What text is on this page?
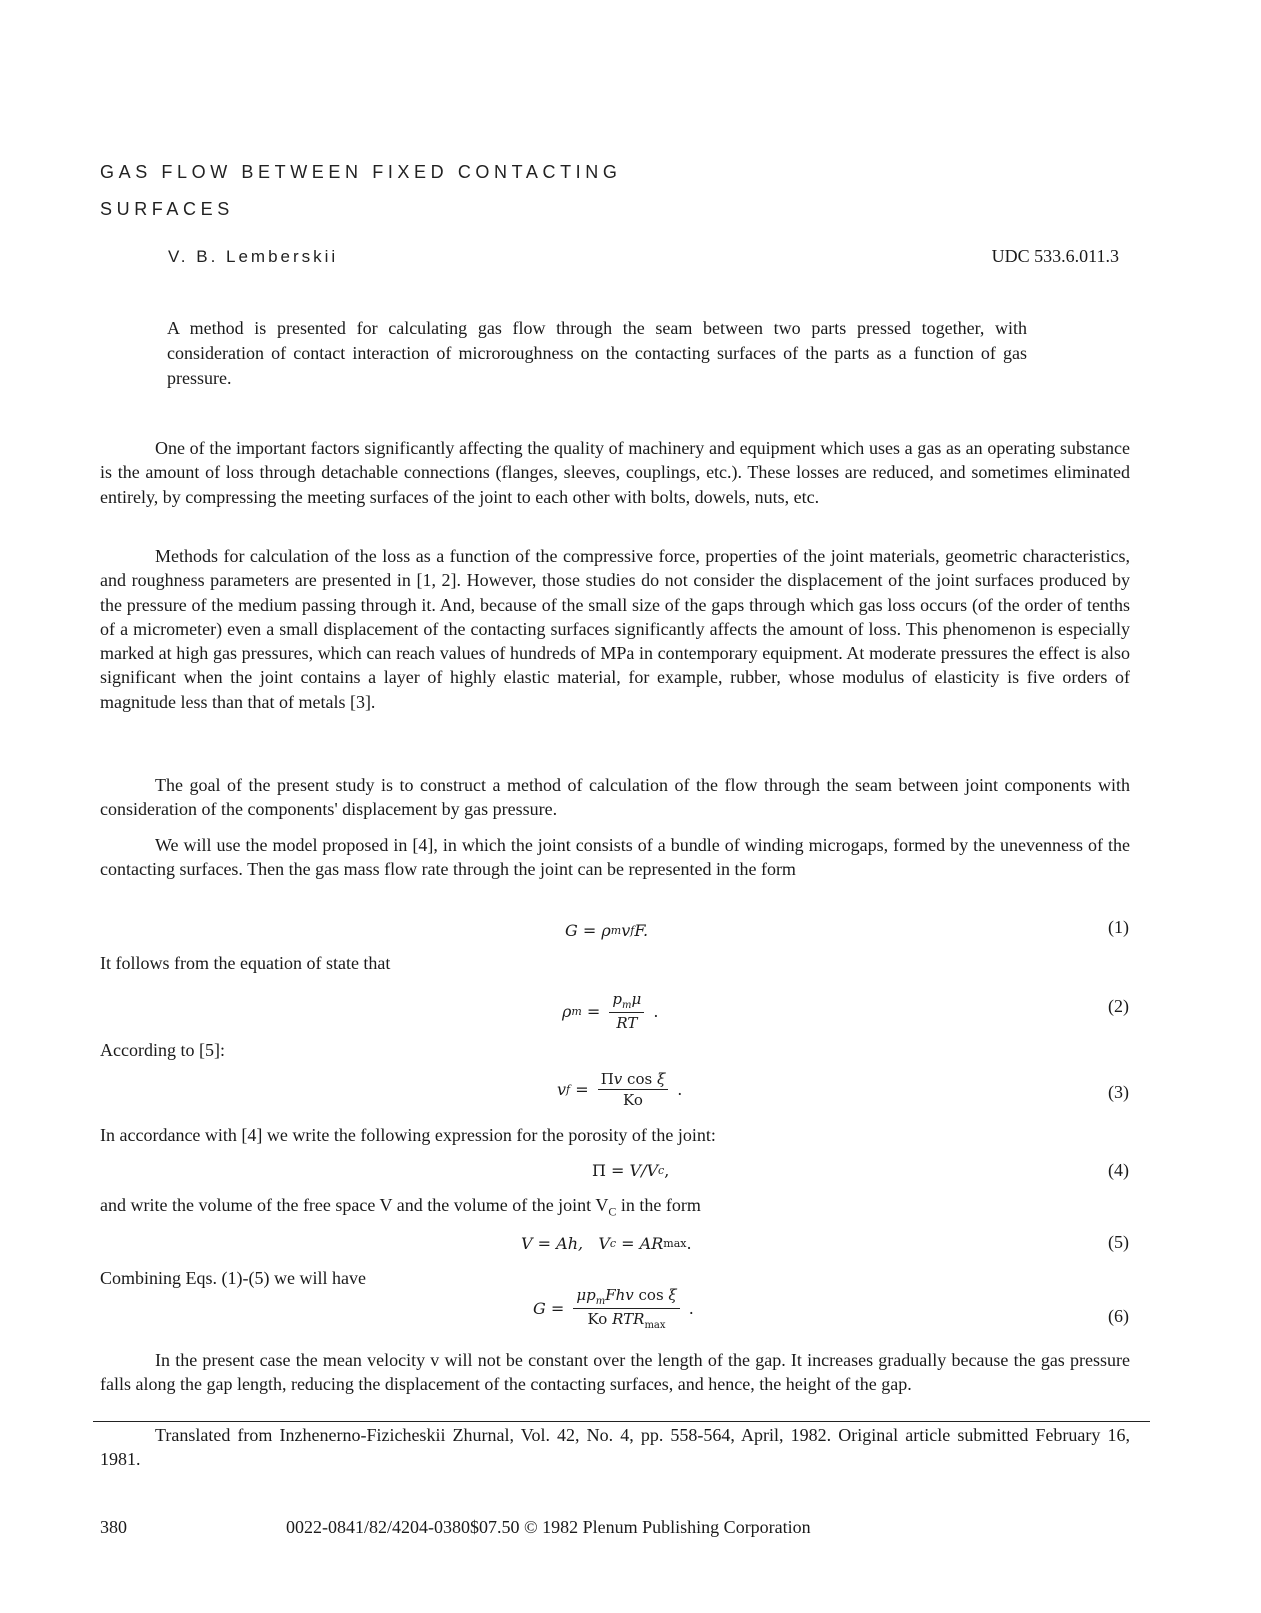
GAS FLOW BETWEEN FIXED CONTACTING
SURFACES
V. B. Lemberskii	UDC 533.6.011.3
A method is presented for calculating gas flow through the seam between two parts pressed together, with consideration of contact interaction of microroughness on the contacting surfaces of the parts as a function of gas pressure.
One of the important factors significantly affecting the quality of machinery and equipment which uses a gas as an operating substance is the amount of loss through detachable connections (flanges, sleeves, couplings, etc.). These losses are reduced, and sometimes eliminated entirely, by compressing the meeting surfaces of the joint to each other with bolts, dowels, nuts, etc.
Methods for calculation of the loss as a function of the compressive force, properties of the joint materials, geometric characteristics, and roughness parameters are presented in [1, 2]. However, those studies do not consider the displacement of the joint surfaces produced by the pressure of the medium passing through it. And, because of the small size of the gaps through which gas loss occurs (of the order of tenths of a micrometer) even a small displacement of the contacting surfaces significantly affects the amount of loss. This phenomenon is especially marked at high gas pressures, which can reach values of hundreds of MPa in contemporary equipment. At moderate pressures the effect is also significant when the joint contains a layer of highly elastic material, for example, rubber, whose modulus of elasticity is five orders of magnitude less than that of metals [3].
The goal of the present study is to construct a method of calculation of the flow through the seam between joint components with consideration of the components' displacement by gas pressure.
We will use the model proposed in [4], in which the joint consists of a bundle of winding microgaps, formed by the unevenness of the contacting surfaces. Then the gas mass flow rate through the joint can be represented in the form
G = ρ m v f F.	(1)
It follows from the equation of state that
ρ $m = \frac{p_m\mu}{RT}$ .	(2)
According to [5]:
v $f = \frac{\text{Πv cos ξ}}{Ko}$ .	(3)
In accordance with [4] we write the following expression for the porosity of the joint:
Π = V/V c ,	(4)
and write the volume of the free space V and the volume of the joint $V_C$ in the form
V = Ah,
V c = AR max .	(5)
Combining Eqs. (1)-(5) we will have
$G = \frac{\mu p_mFhv \cos \xi}{Ko RTR_{max}}$ .	(6)
In the present case the mean velocity v will not be constant over the length of the gap. It increases gradually because the gas pressure falls along the gap length, reducing the displacement of the contacting surfaces, and hence, the height of the gap.
Translated from Inzhenerno-Fizicheskii Zhurnal, Vol. 42, No. 4, pp. 558-564, April, 1982. Original article submitted February 16, 1981.
380	0022-0841/82/4204-0380$07.50 © 1982 Plenum Publishing Corporation
